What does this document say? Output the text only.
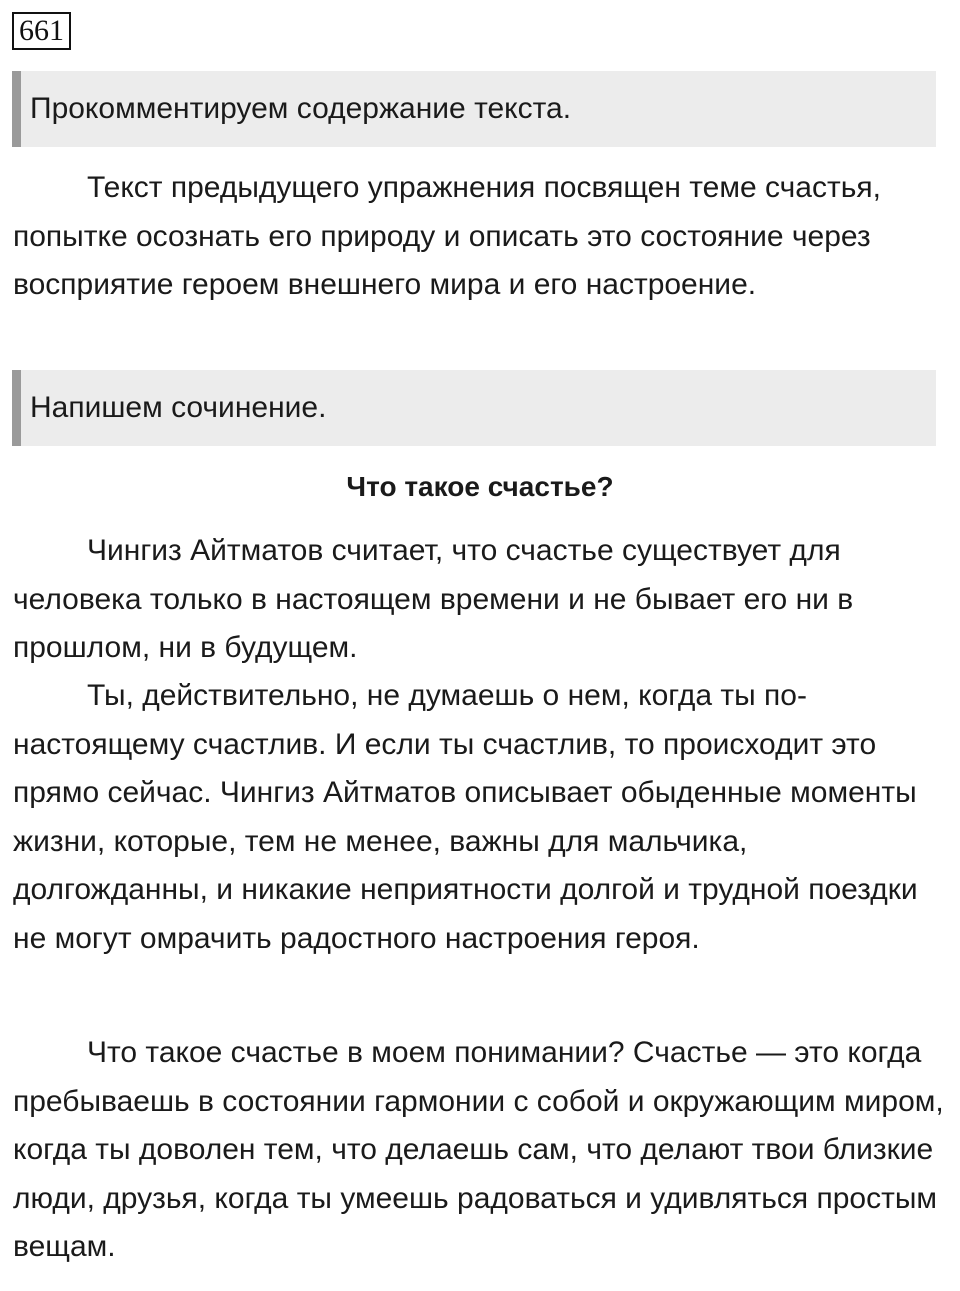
661
Прокомментируем содержание текста.

Текст предыдущего упражнения посвящен теме счастья, попытке осознать его природу и описать это состояние через восприятие героем внешнего мира и его настроение.

Напишем сочинение.
Что такое счастье?

Чингиз Айтматов считает, что счастье существует для человека только в настоящем времени и не бывает его ни в прошлом, ни в будущем.

Ты, действительно, не думаешь о нем, когда ты по-настоящему счастлив. И если ты счастлив, то происходит это прямо сейчас. Чингиз Айтматов описывает обыденные моменты жизни, которые, тем не менее, важны для мальчика, долгожданны, и никакие неприятности долгой и трудной поездки не могут омрачить радостного настроения героя.

Что такое счастье в моем понимании? Счастье — это когда пребываешь в состоянии гармонии с собой и окружающим миром, когда ты доволен тем, что делаешь сам, что делают твои близкие люди, друзья, когда ты умеешь радоваться и удивляться простым вещам.
